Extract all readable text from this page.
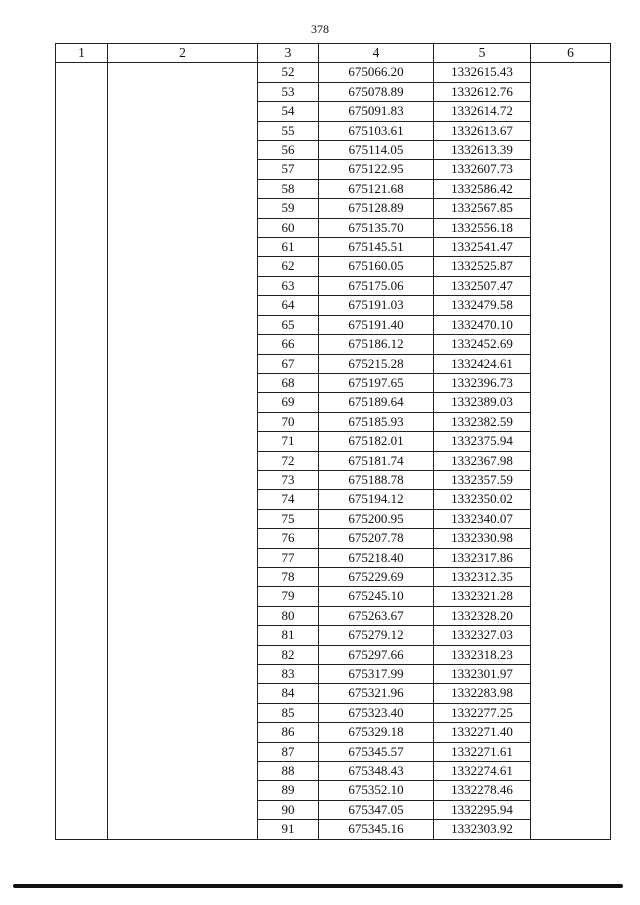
378
1	2	3	4	5	6
		52	675066.20	1332615.43	
		53	675078.89	1332612.76	
		54	675091.83	1332614.72	
		55	675103.61	1332613.67	
		56	675114.05	1332613.39	
		57	675122.95	1332607.73	
		58	675121.68	1332586.42	
		59	675128.89	1332567.85	
		60	675135.70	1332556.18	
		61	675145.51	1332541.47	
		62	675160.05	1332525.87	
		63	675175.06	1332507.47	
		64	675191.03	1332479.58	
		65	675191.40	1332470.10	
		66	675186.12	1332452.69	
		67	675215.28	1332424.61	
		68	675197.65	1332396.73	
		69	675189.64	1332389.03	
		70	675185.93	1332382.59	
		71	675182.01	1332375.94	
		72	675181.74	1332367.98	
		73	675188.78	1332357.59	
		74	675194.12	1332350.02	
		75	675200.95	1332340.07	
		76	675207.78	1332330.98	
		77	675218.40	1332317.86	
		78	675229.69	1332312.35	
		79	675245.10	1332321.28	
		80	675263.67	1332328.20	
		81	675279.12	1332327.03	
		82	675297.66	1332318.23	
		83	675317.99	1332301.97	
		84	675321.96	1332283.98	
		85	675323.40	1332277.25	
		86	675329.18	1332271.40	
		87	675345.57	1332271.61	
		88	675348.43	1332274.61	
		89	675352.10	1332278.46	
		90	675347.05	1332295.94	
		91	675345.16	1332303.92	
